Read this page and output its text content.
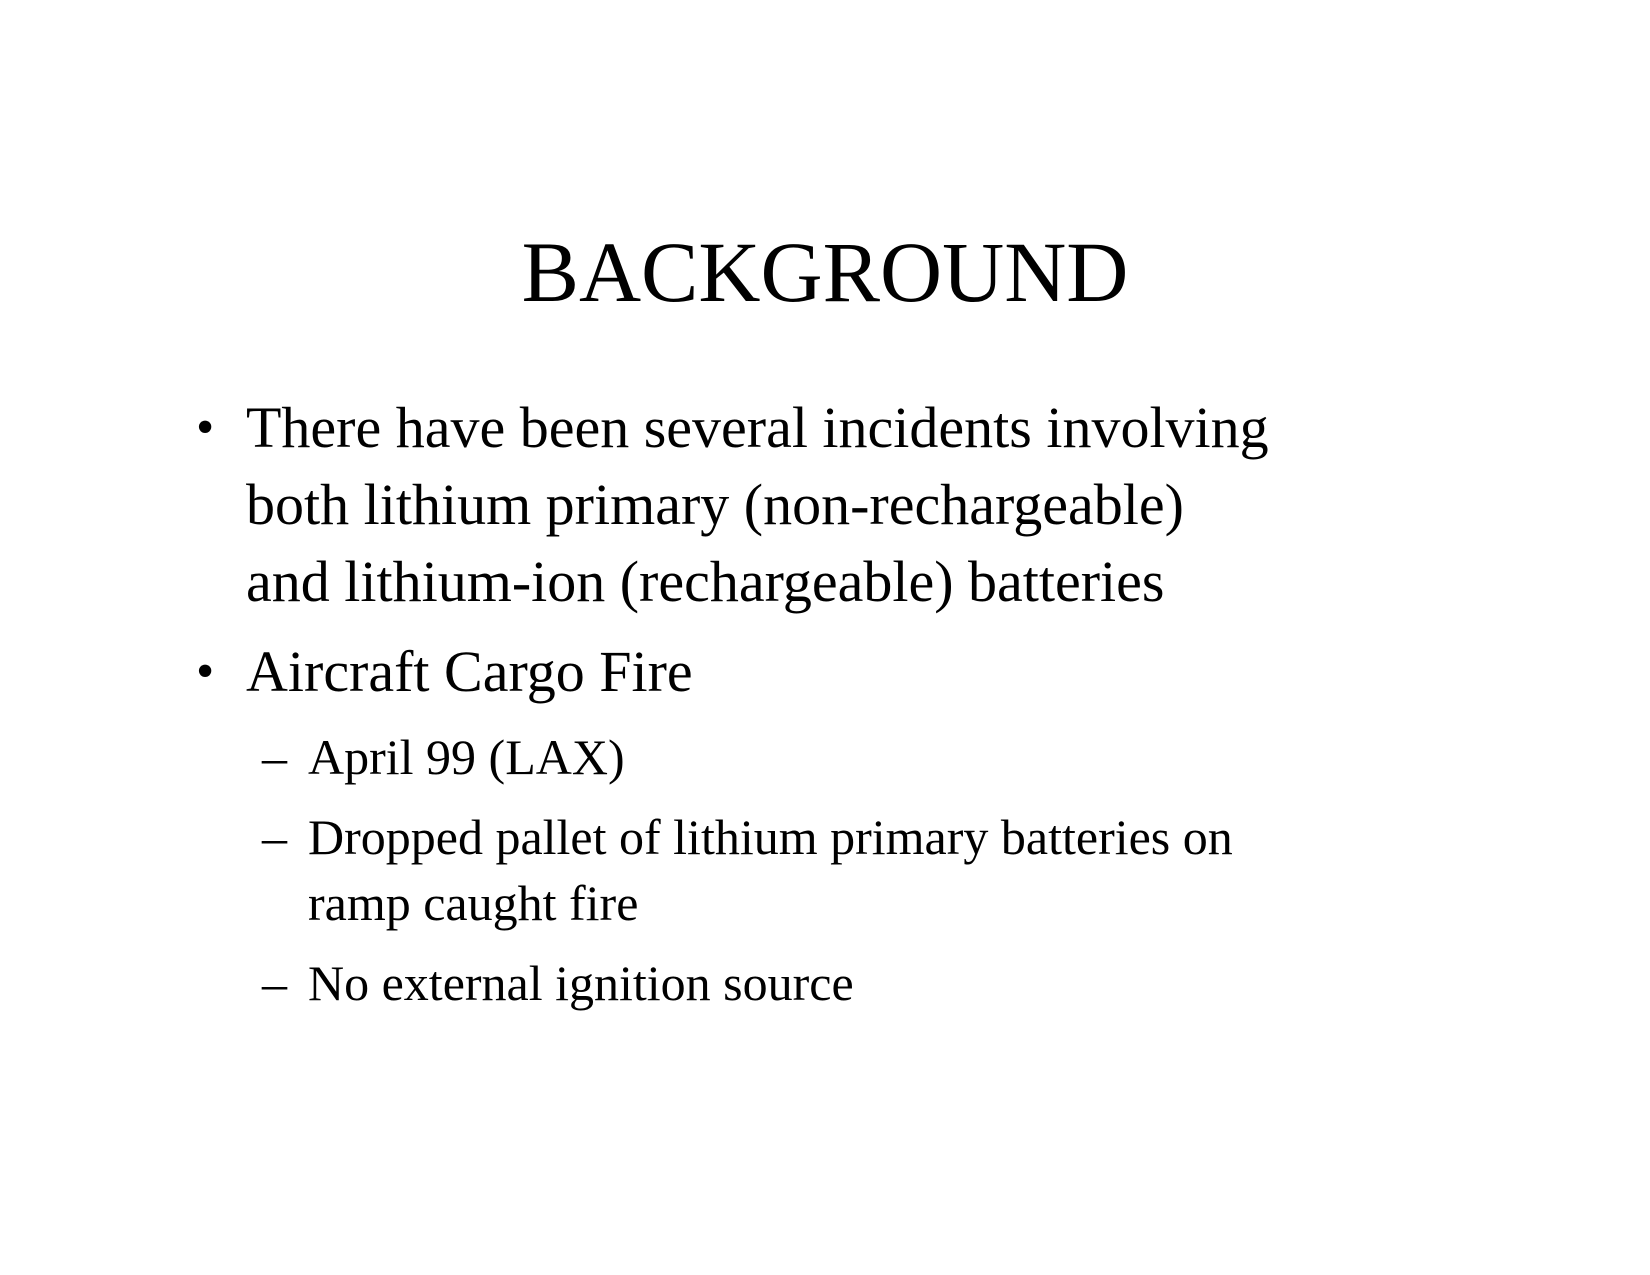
BACKGROUND
• There have been several incidents involving
both lithium primary (non-rechargeable)
and lithium-ion (rechargeable) batteries
• Aircraft Cargo Fire
– April 99 (LAX)
– Dropped pallet of lithium primary batteries on
ramp caught fire
– No external ignition source
